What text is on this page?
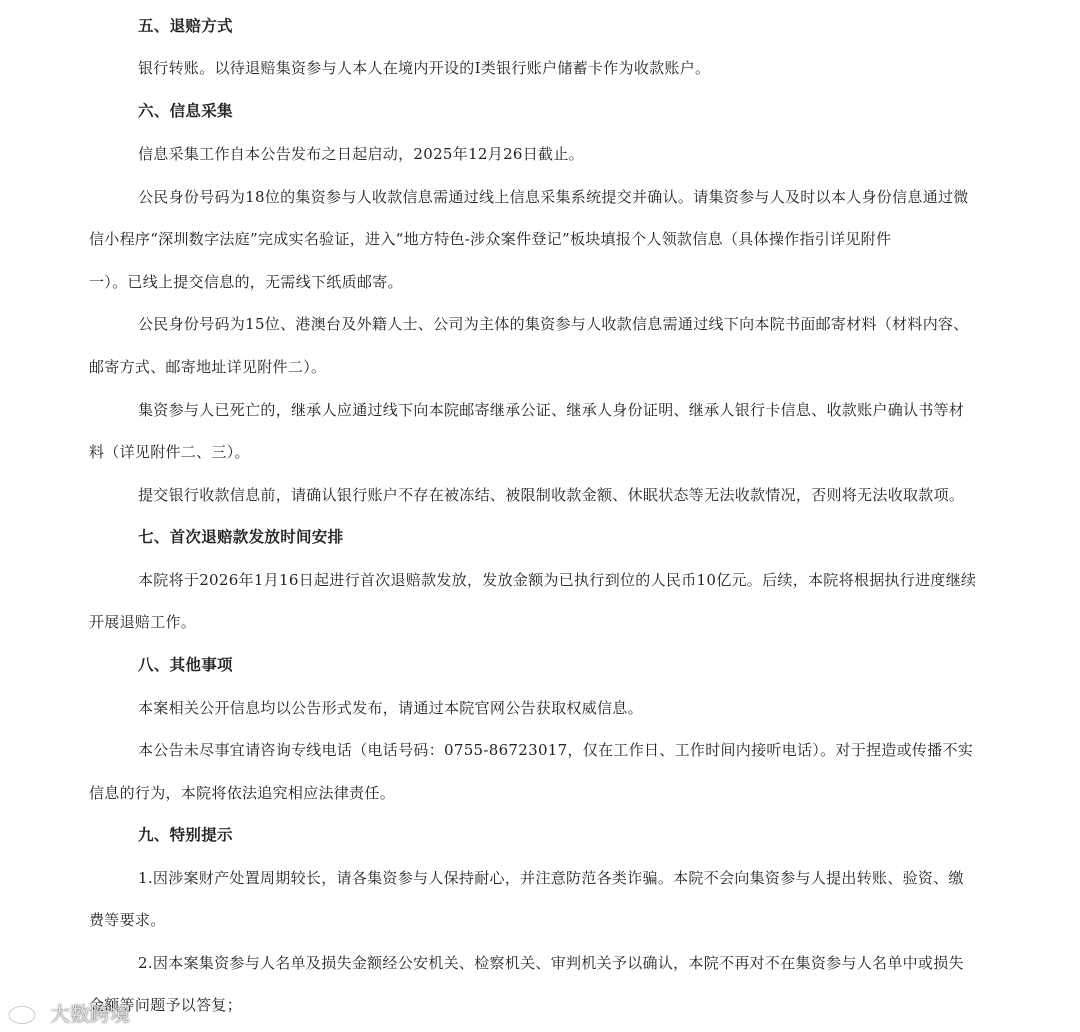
五、退赔方式
银行转账。以待退赔集资参与人本人在境内开设的I类银行账户储蓄卡作为收款账户。
六、信息采集
信息采集工作自本公告发布之日起启动，2025年12月26日截止。
公民身份号码为18位的集资参与人收款信息需通过线上信息采集系统提交并确认。请集资参与人及时以本人身份信息通过微
信小程序“深圳数字法庭”完成实名验证，进入“地方特色-涉众案件登记”板块填报个人领款信息（具体操作指引详见附件
一）。已线上提交信息的，无需线下纸质邮寄。
公民身份号码为15位、港澳台及外籍人士、公司为主体的集资参与人收款信息需通过线下向本院书面邮寄材料（材料内容、
邮寄方式、邮寄地址详见附件二）。
集资参与人已死亡的，继承人应通过线下向本院邮寄继承公证、继承人身份证明、继承人银行卡信息、收款账户确认书等材
料（详见附件二、三）。
提交银行收款信息前，请确认银行账户不存在被冻结、被限制收款金额、休眠状态等无法收款情况，否则将无法收取款项。
七、首次退赔款发放时间安排
本院将于2026年1月16日起进行首次退赔款发放，发放金额为已执行到位的人民币10亿元。后续，本院将根据执行进度继续
开展退赔工作。
八、其他事项
本案相关公开信息均以公告形式发布，请通过本院官网公告获取权威信息。
本公告未尽事宜请咨询专线电话（电话号码：0755-86723017，仅在工作日、工作时间内接听电话）。对于捏造或传播不实
信息的行为，本院将依法追究相应法律责任。
九、特别提示
1.因涉案财产处置周期较长，请各集资参与人保持耐心，并注意防范各类诈骗。本院不会向集资参与人提出转账、验资、缴
费等要求。
2.因本案集资参与人名单及损失金额经公安机关、检察机关、审判机关予以确认，本院不再对不在集资参与人名单中或损失
金额等问题予以答复；
大数跨境
